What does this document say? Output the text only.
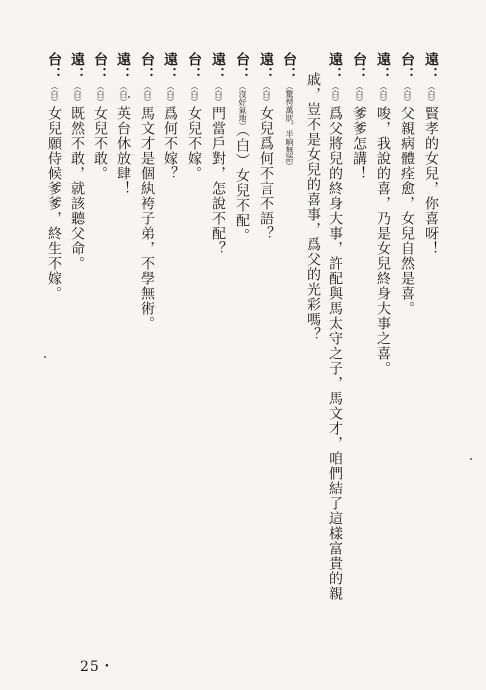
遠：（白）賢孝的女兒，你喜呀！
台：（白）父親病體痊愈，女兒自然是喜。
遠：（白）唆，我說的喜，乃是女兒終身大事之喜。
台：（白）爹爹怎講！
遠：（白）爲父將兒的終身大事，許配與馬太守之子，馬文才，咱們結了這樣富貴的親
戚，豈不是女兒的喜事，爲父的光彩嗎？
台：（驚愕萬狀，半晌無語）
遠：（白）女兒爲何不言不語？
台：（沒好氣地）（白）女兒不配。
遠：（白）門當戶對，怎說不配？
台：（白）女兒不嫁。
遠：（白）爲何不嫁？
台：（白）馬文才是個紈袴子弟，不學無術。
遠：（白）英台休放肆！
台：（白）女兒不敢。
遠：（白）既然不敢，就該聽父命。
台：（白）女兒願侍候爹爹，終生不嫁。
25・
